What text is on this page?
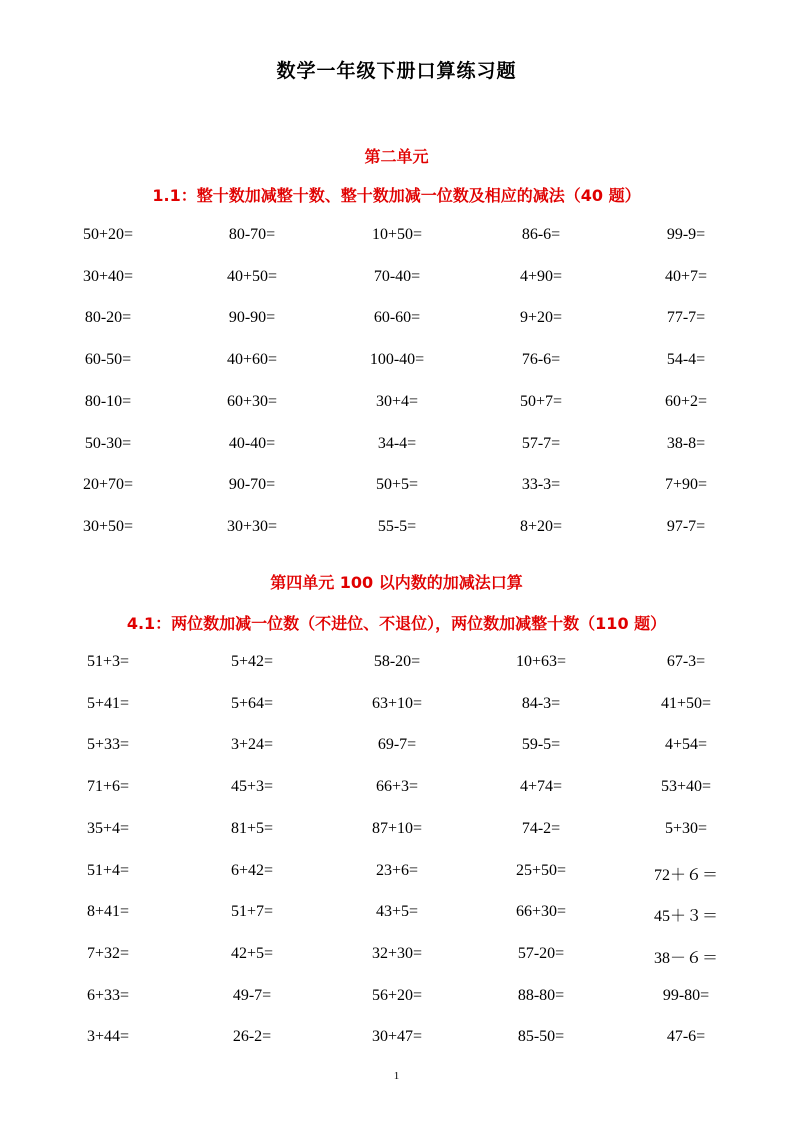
数学一年级下册口算练习题
第二单元
1.1：整十数加减整十数、整十数加减一位数及相应的减法（40 题）
50+20=	80-70=	10+50=	86-6=	99-9=
30+40=	40+50=	70-40=	4+90=	40+7=
80-20=	90-90=	60-60=	9+20=	77-7=
60-50=	40+60=	100-40=	76-6=	54-4=
80-10=	60+30=	30+4=	50+7=	60+2=
50-30=	40-40=	34-4=	57-7=	38-8=
20+70=	90-70=	50+5=	33-3=	7+90=
30+50=	30+30=	55-5=	8+20=	97-7=
第四单元 100 以内数的加减法口算
4.1：两位数加减一位数（不进位、不退位），两位数加减整十数（110 题）
51+3=	5+42=	58-20=	10+63=	67-3=
5+41=	5+64=	63+10=	84-3=	41+50=
5+33=	3+24=	69-7=	59-5=	4+54=
71+6=	45+3=	66+3=	4+74=	53+40=
35+4=	81+5=	87+10=	74-2=	5+30=
51+4=	6+42=	23+6=	25+50=	72＋６＝
8+41=	51+7=	43+5=	66+30=	45＋３＝
7+32=	42+5=	32+30=	57-20=	38－６＝
6+33=	49-7=	56+20=	88-80=	99-80=
3+44=	26-2=	30+47=	85-50=	47-6=
1
